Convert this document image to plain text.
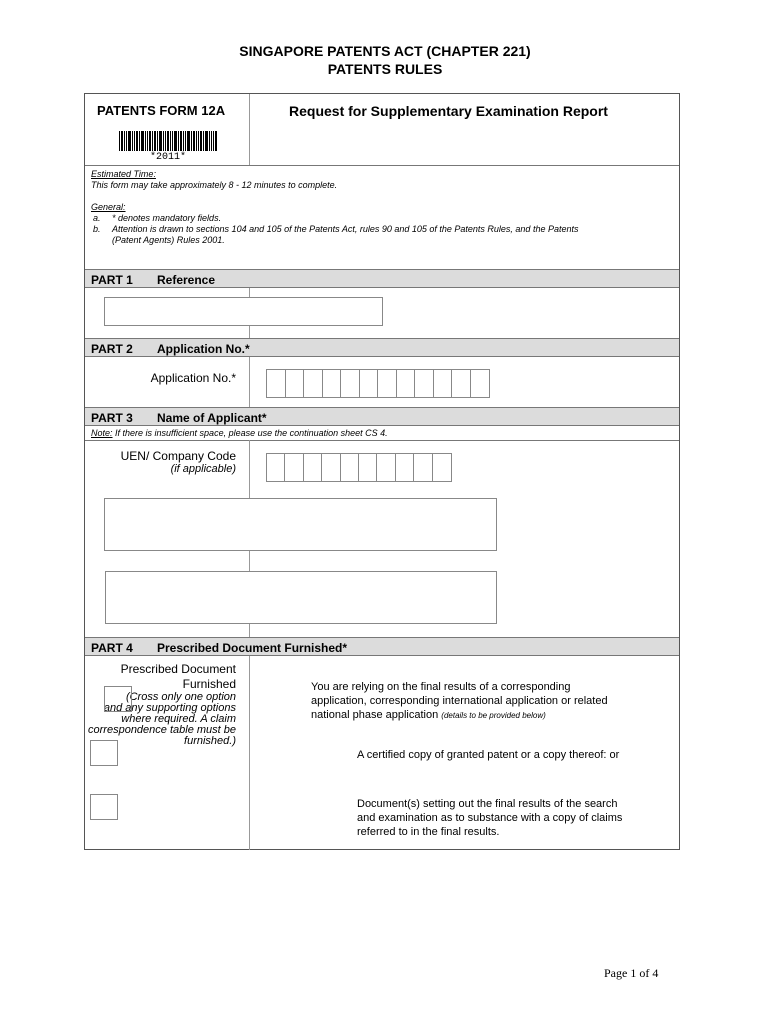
SINGAPORE PATENTS ACT (CHAPTER 221)
PATENTS RULES
PATENTS FORM 12A
*2011*
Request for Supplementary Examination Report
Estimated Time:
This form may take approximately 8 - 12 minutes to complete.
General:
a. * denotes mandatory fields.
b. Attention is drawn to sections 104 and 105 of the Patents Act, rules 90 and 105 of the Patents Rules, and the Patents
(Patent Agents) Rules 2001.
PART 1 Reference
PART 2 Application No.*
Application No.*
PART 3 Name of Applicant*
Note: If there is insufficient space, please use the continuation sheet CS 4.
UEN/ Company Code
(if applicable)
PART 4 Prescribed Document Furnished*
Prescribed Document
Furnished
(Cross only one option
and any supporting options
where required. A claim
correspondence table must be
furnished.)
You are relying on the final results of a corresponding
application, corresponding international application or related
national phase application (details to be provided below)
A certified copy of granted patent or a copy thereof: or
Document(s) setting out the final results of the search
and examination as to substance with a copy of claims
referred to in the final results.
Page 1 of 4
